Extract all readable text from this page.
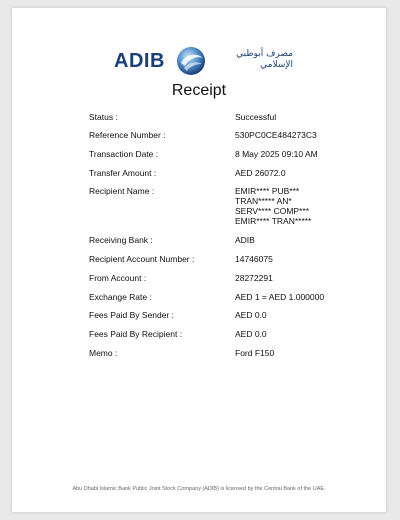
ADIB	مصرف أبوظبي
الإسلامي
Receipt
Status :	Successful
Reference Number :	530PC0CE484273C3
Transaction Date :	8 May 2025 09:10 AM
Transfer Amount :	AED 26072.0
Recipient Name :	EMIR**** PUB***
TRAN***** AN*
SERV**** COMP***
EMIR**** TRAN*****
Receiving Bank :	ADIB
Recipient Account Number :	14746075
From Account :	28272291
Exchange Rate :	AED 1 = AED 1.000000
Fees Paid By Sender :	AED 0.0
Fees Paid By Recipient :	AED 0.0
Memo :	Ford F150
Abu Dhabi Islamic Bank Public Joint Stock Company (ADIB) is licensed by the Central Bank of the UAE.
